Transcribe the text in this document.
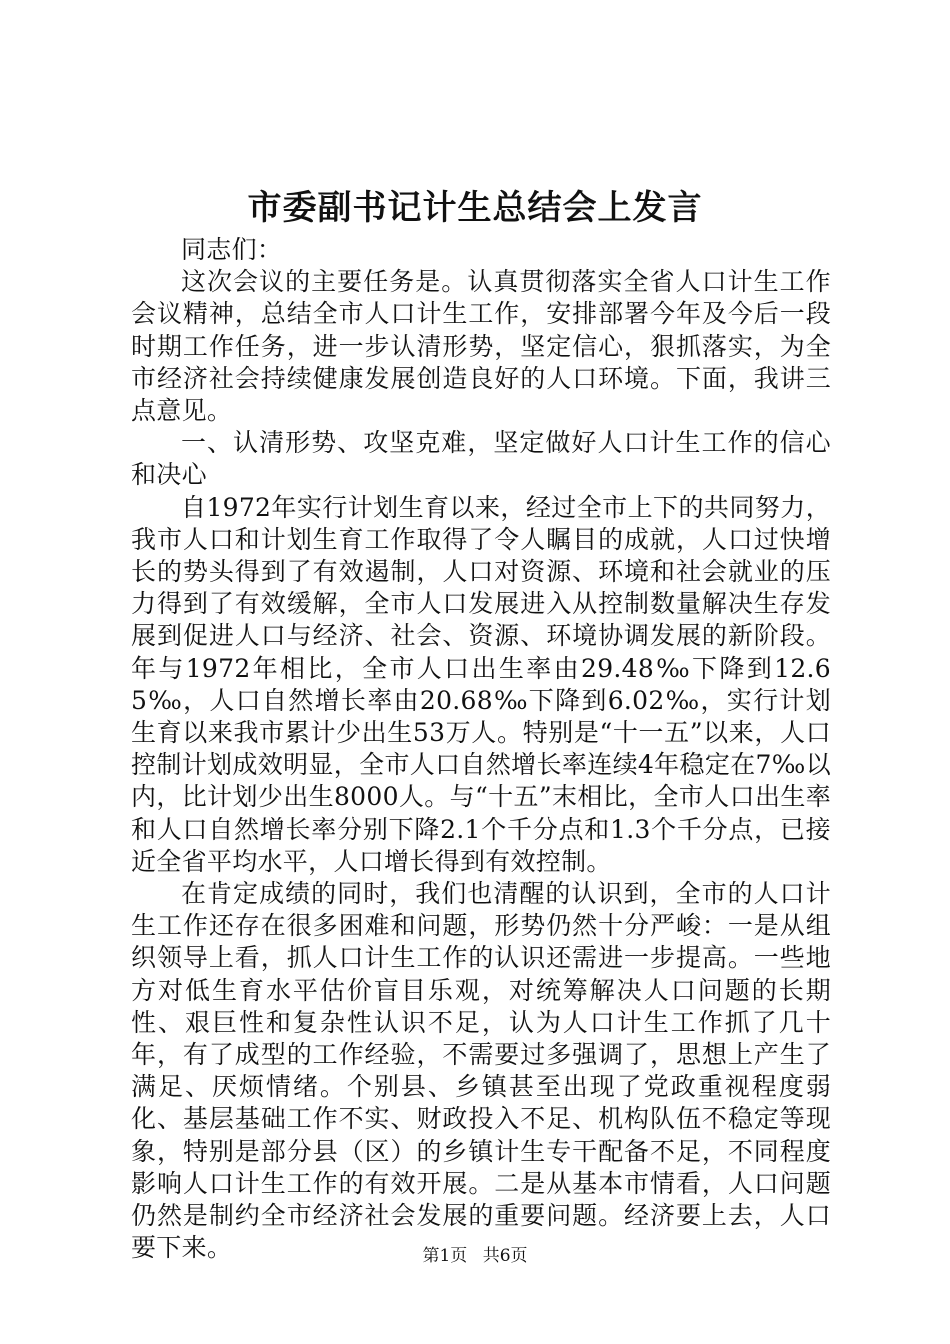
市委副书记计生总结会上发言

同志们：

这次会议的主要任务是。认真贯彻落实全省人口计生工作会议精神，总结全市人口计生工作，安排部署今年及今后一段时期工作任务，进一步认清形势，坚定信心，狠抓落实，为全市经济社会持续健康发展创造良好的人口环境。下面，我讲三点意见。

一、认清形势、攻坚克难，坚定做好人口计生工作的信心和决心

自1972年实行计划生育以来，经过全市上下的共同努力，我市人口和计划生育工作取得了令人瞩目的成就，人口过快增长的势头得到了有效遏制，人口对资源、环境和社会就业的压力得到了有效缓解，全市人口发展进入从控制数量解决生存发展到促进人口与经济、社会、资源、环境协调发展的新阶段。年与1972年相比，全市人口出生率由29.48‰下降到12.65‰，人口自然增长率由20.68‰下降到6.02‰，实行计划生育以来我市累计少出生53万人。特别是“十一五”以来，人口控制计划成效明显，全市人口自然增长率连续4年稳定在7‰以内，比计划少出生8000人。与“十五”末相比，全市人口出生率和人口自然增长率分别下降2.1个千分点和1.3个千分点，已接近全省平均水平，人口增长得到有效控制。

在肯定成绩的同时，我们也清醒的认识到，全市的人口计生工作还存在很多困难和问题，形势仍然十分严峻：一是从组织领导上看，抓人口计生工作的认识还需进一步提高。一些地方对低生育水平估价盲目乐观，对统筹解决人口问题的长期性、艰巨性和复杂性认识不足，认为人口计生工作抓了几十年，有了成型的工作经验，不需要过多强调了，思想上产生了满足、厌烦情绪。个别县、乡镇甚至出现了党政重视程度弱化、基层基础工作不实、财政投入不足、机构队伍不稳定等现象，特别是部分县（区）的乡镇计生专干配备不足，不同程度影响人口计生工作的有效开展。二是从基本市情看，人口问题仍然是制约全市经济社会发展的重要问题。经济要上去，人口要下来。	第1页 共6页
